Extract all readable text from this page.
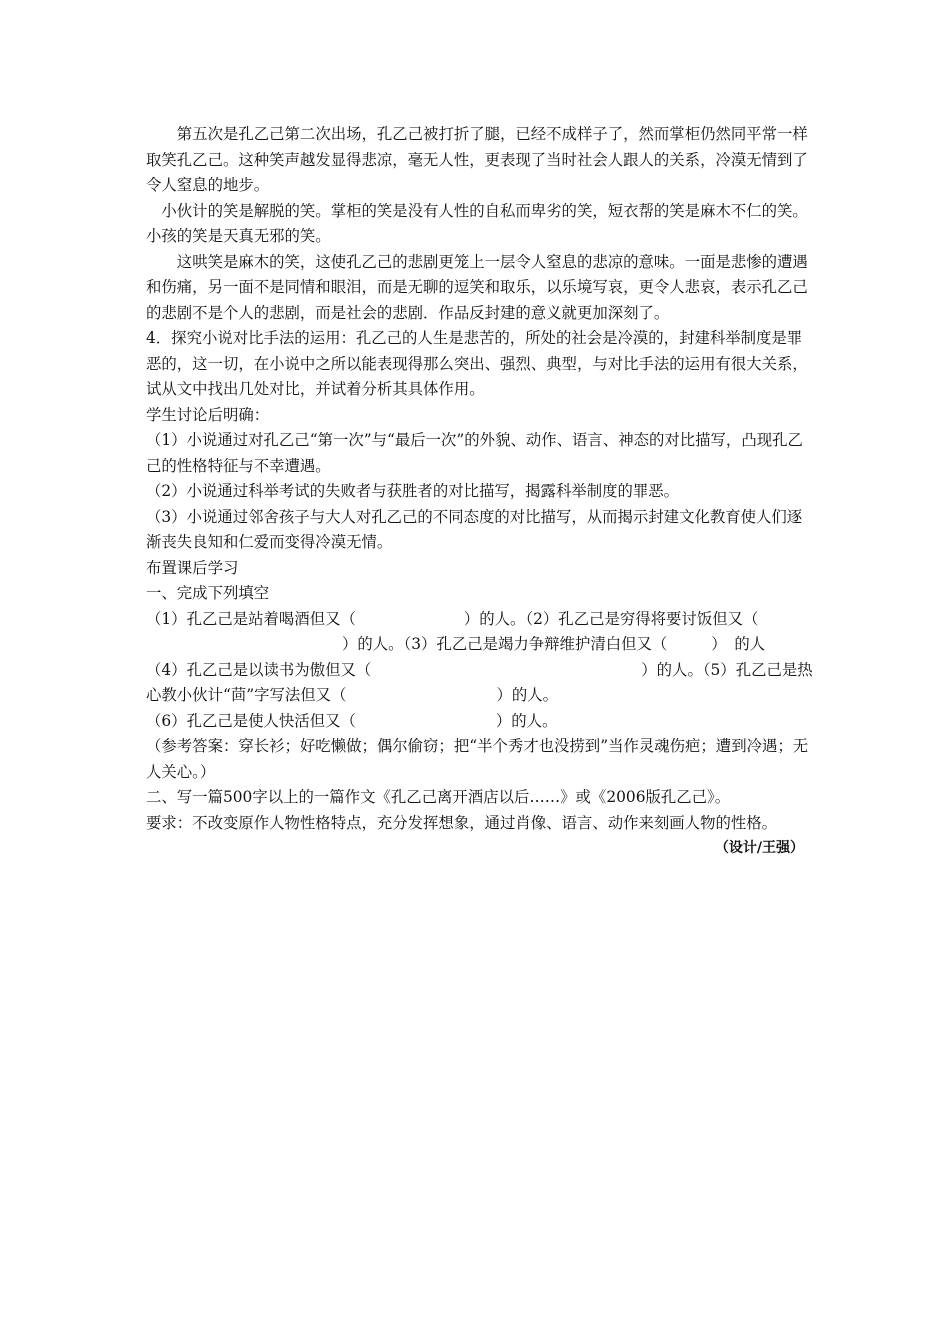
第五次是孔乙己第二次出场，孔乙己被打折了腿，已经不成样子了，然而掌柜仍然同平常一样取笑孔乙己。这种笑声越发显得悲凉，毫无人性，更表现了当时社会人跟人的关系，冷漠无情到了令人窒息的地步。

小伙计的笑是解脱的笑。掌柜的笑是没有人性的自私而卑劣的笑，短衣帮的笑是麻木不仁的笑。小孩的笑是天真无邪的笑。

这哄笑是麻木的笑，这使孔乙己的悲剧更笼上一层令人窒息的悲凉的意味。一面是悲惨的遭遇和伤痛，另一面不是同情和眼泪，而是无聊的逗笑和取乐，以乐境写哀，更令人悲哀，表示孔乙己的悲剧不是个人的悲剧，而是社会的悲剧．作品反封建的意义就更加深刻了。

4．探究小说对比手法的运用：孔乙己的人生是悲苦的，所处的社会是冷漠的，封建科举制度是罪恶的，这一切，在小说中之所以能表现得那么突出、强烈、典型，与对比手法的运用有很大关系，试从文中找出几处对比，并试着分析其具体作用。

学生讨论后明确：

（1）小说通过对孔乙己“第一次”与“最后一次”的外貌、动作、语言、神态的对比描写，凸现孔乙己的性格特征与不幸遭遇。

（2）小说通过科举考试的失败者与获胜者的对比描写，揭露科举制度的罪恶。

（3）小说通过邻舍孩子与大人对孔乙己的不同态度的对比描写，从而揭示封建文化教育使人们逐渐丧失良知和仁爱而变得冷漠无情。

布置课后学习

一、完成下列填空

（1）孔乙己是站着喝酒但又（	）的人。（2）孔乙己是穷得将要讨饭但又（）的人。（3）孔乙己是竭力争辩维护清白但又（	）　的人

（4）孔乙己是以读书为傲但又（	）的人。（5）孔乙己是热心教小伙计“茴”字写法但又（	）的人。

（6）孔乙己是使人快活但又（	）的人。

（参考答案：穿长衫；好吃懒做；偶尔偷窃；把“半个秀才也没捞到”当作灵魂伤疤；遭到冷遇；无人关心。）

二、写一篇500字以上的一篇作文《孔乙己离开酒店以后……》或《2006版孔乙己》。

要求：不改变原作人物性格特点，充分发挥想象，通过肖像、语言、动作来刻画人物的性格。

（设计/王强）
